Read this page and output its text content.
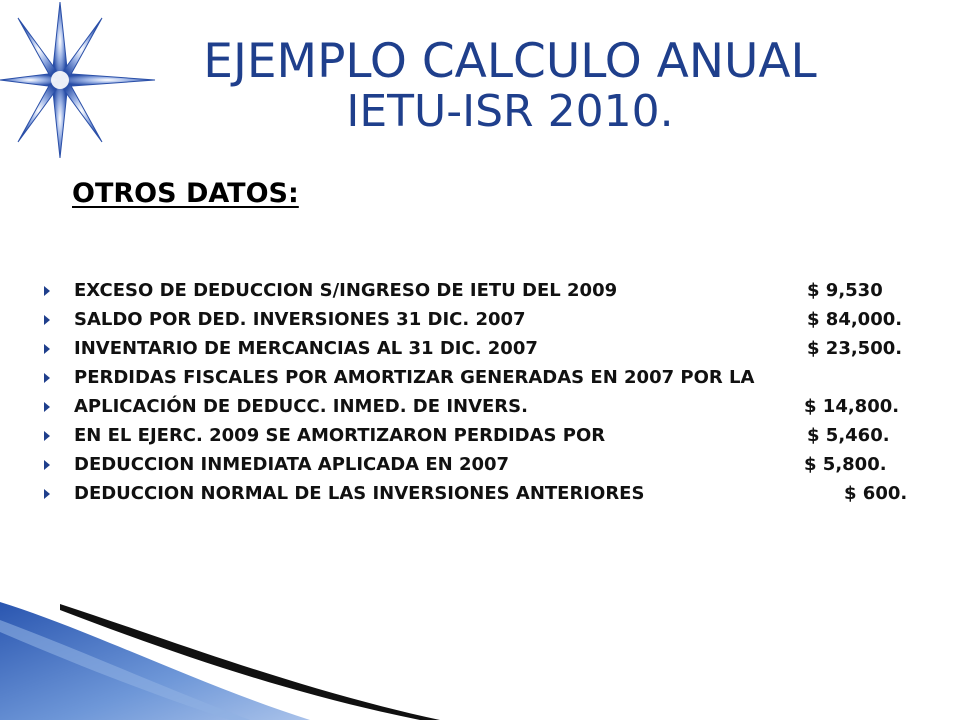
EJEMPLO CALCULO ANUAL
IETU-ISR 2010.
OTROS DATOS:
EXCESO DE DEDUCCION S/INGRESO DE IETU DEL 2009	$ 9,530
SALDO POR DED. INVERSIONES 31 DIC. 2007	$ 84,000.
INVENTARIO DE MERCANCIAS AL 31 DIC. 2007	$ 23,500.
PERDIDAS FISCALES POR AMORTIZAR GENERADAS EN 2007 POR LA
APLICACIÓN DE DEDUCC. INMED. DE INVERS.	$ 14,800.
EN EL EJERC. 2009 SE AMORTIZARON PERDIDAS POR	$ 5,460.
DEDUCCION INMEDIATA APLICADA EN 2007	$ 5,800.
DEDUCCION NORMAL DE LAS INVERSIONES ANTERIORES	$ 600.
